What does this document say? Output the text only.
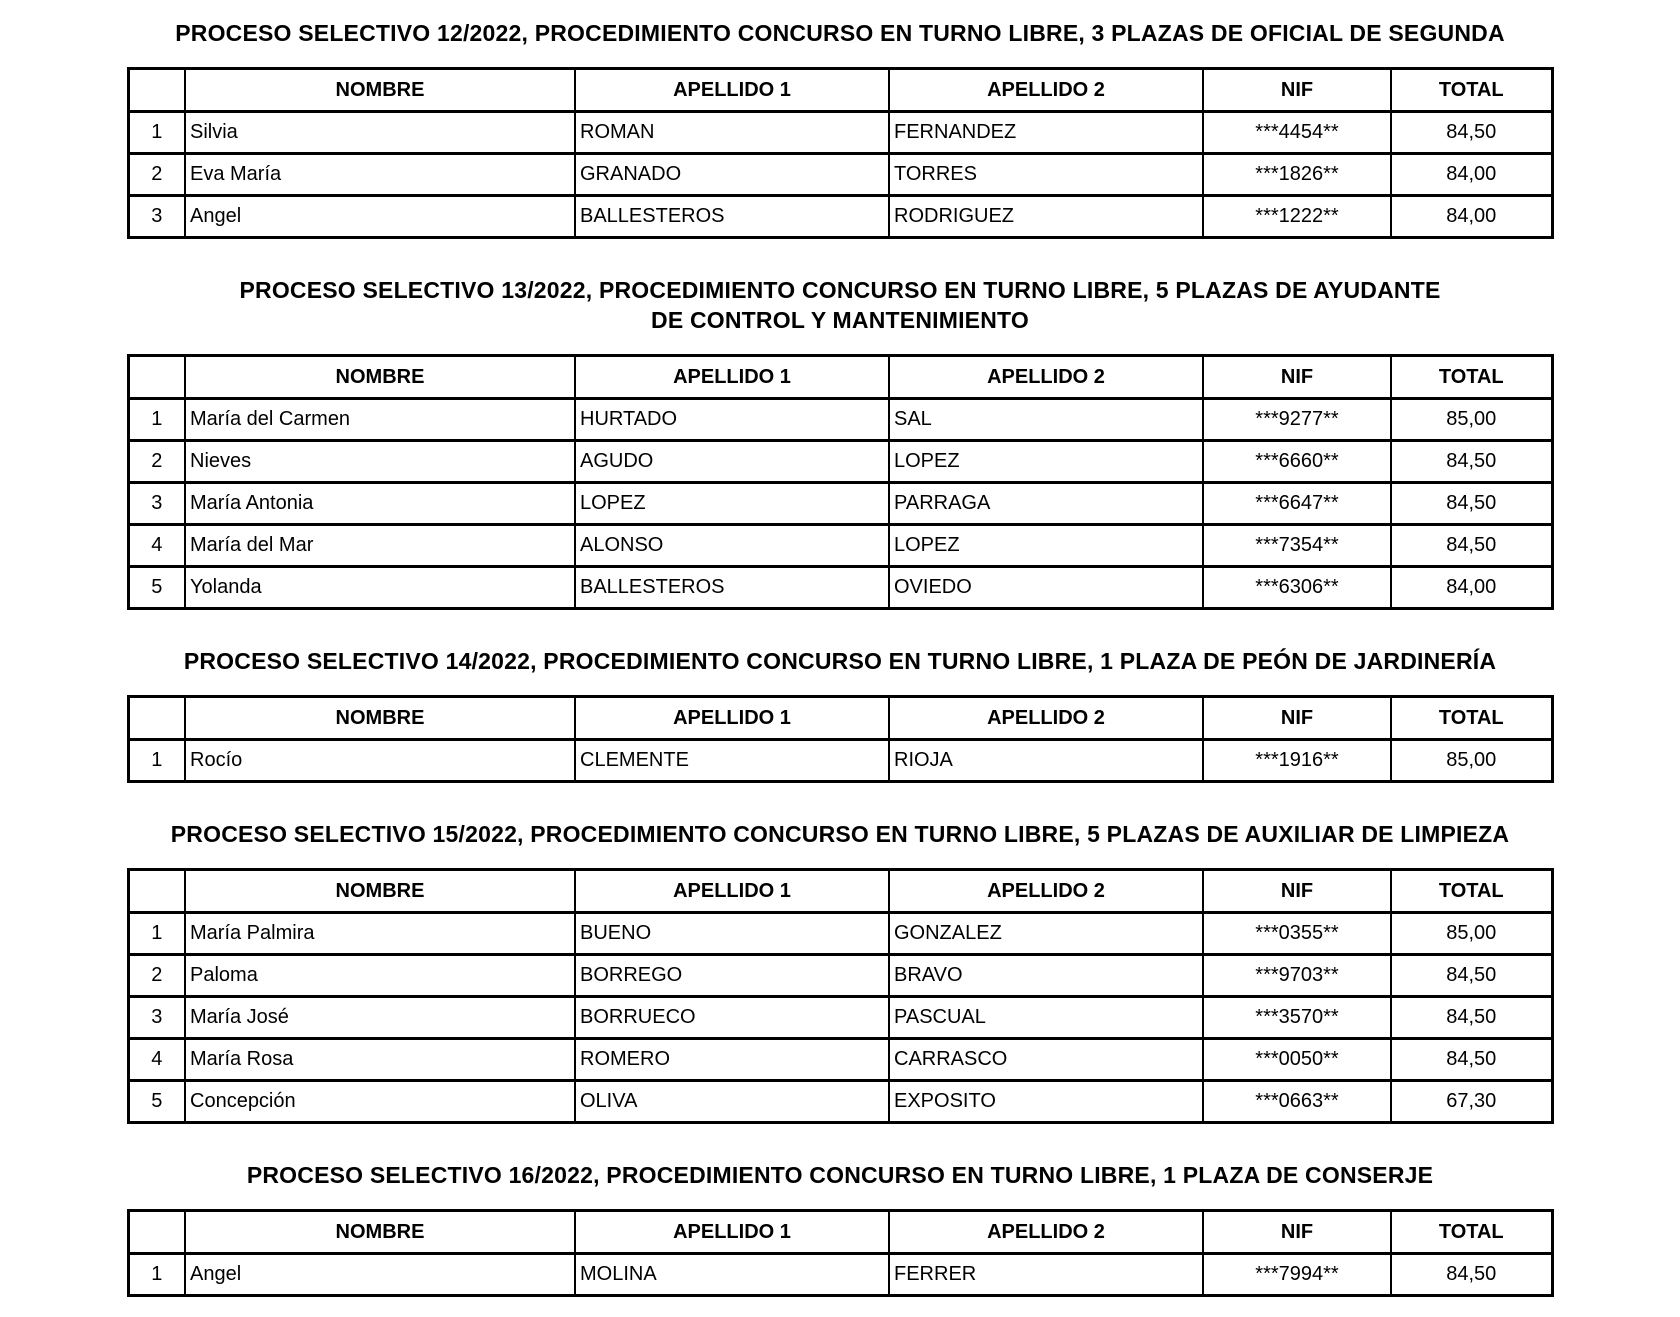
PROCESO SELECTIVO 12/2022, PROCEDIMIENTO CONCURSO EN TURNO LIBRE, 3 PLAZAS DE OFICIAL DE SEGUNDA
	NOMBRE	APELLIDO 1	APELLIDO 2	NIF	TOTAL
1	Silvia	ROMAN	FERNANDEZ	***4454**	84,50
2	Eva María	GRANADO	TORRES	***1826**	84,00
3	Angel	BALLESTEROS	RODRIGUEZ	***1222**	84,00
PROCESO SELECTIVO 13/2022, PROCEDIMIENTO CONCURSO EN TURNO LIBRE, 5 PLAZAS DE AYUDANTE
DE CONTROL Y MANTENIMIENTO
	NOMBRE	APELLIDO 1	APELLIDO 2	NIF	TOTAL
1	María del Carmen	HURTADO	SAL	***9277**	85,00
2	Nieves	AGUDO	LOPEZ	***6660**	84,50
3	María Antonia	LOPEZ	PARRAGA	***6647**	84,50
4	María del Mar	ALONSO	LOPEZ	***7354**	84,50
5	Yolanda	BALLESTEROS	OVIEDO	***6306**	84,00
PROCESO SELECTIVO 14/2022, PROCEDIMIENTO CONCURSO EN TURNO LIBRE, 1 PLAZA DE PEÓN DE JARDINERÍA
	NOMBRE	APELLIDO 1	APELLIDO 2	NIF	TOTAL
1	Rocío	CLEMENTE	RIOJA	***1916**	85,00
PROCESO SELECTIVO 15/2022, PROCEDIMIENTO CONCURSO EN TURNO LIBRE, 5 PLAZAS DE AUXILIAR DE LIMPIEZA
	NOMBRE	APELLIDO 1	APELLIDO 2	NIF	TOTAL
1	María Palmira	BUENO	GONZALEZ	***0355**	85,00
2	Paloma	BORREGO	BRAVO	***9703**	84,50
3	María José	BORRUECO	PASCUAL	***3570**	84,50
4	María Rosa	ROMERO	CARRASCO	***0050**	84,50
5	Concepción	OLIVA	EXPOSITO	***0663**	67,30
PROCESO SELECTIVO 16/2022, PROCEDIMIENTO CONCURSO EN TURNO LIBRE, 1 PLAZA DE CONSERJE
	NOMBRE	APELLIDO 1	APELLIDO 2	NIF	TOTAL
1	Angel	MOLINA	FERRER	***7994**	84,50
